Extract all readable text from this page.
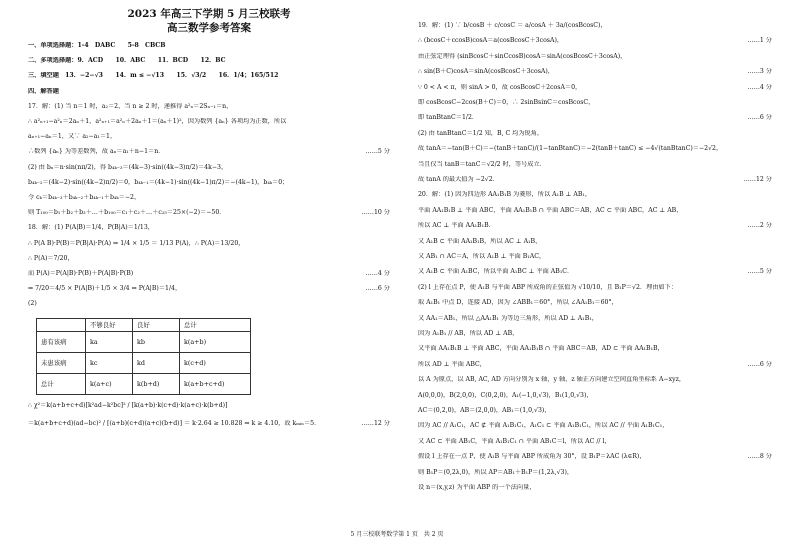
2023 年高三下学期 5 月三校联考
高三数学参考答案
一、单项选择题：1-4　DABC　　5-8　CBCB
二、多项选择题：9．ACD　　10．ABC　　11．BCD　　12．BC
三、填空题　13．−2−√3　　14．m ≤ −√13　　15．√3/2　　16．1/4；165/512
四、解答题
17．解：(1) 当 n＝1 时，a₂＝2，当 n ≥ 2 时，递推得 a²ₙ＝2Sₙ₋₁＝n，
∴ a²ₙ₊₁−a²ₙ＝2aₙ＋1，a²ₙ₊₁＝a²ₙ＋2aₙ＋1＝(aₙ＋1)²，因为数列 {aₙ} 各项均为正数，所以
aₙ₊₁−aₙ＝1，又∵ a₂−a₁＝1，
∴数列 {aₙ} 为等差数列，故 aₙ＝a₁＋n−1＝n．	……5 分
(2) 由 bₙ＝n·sin(nπ/2)，得 b₄ₖ₋₃＝(4k−3)·sin((4k−3)π/2)＝4k−3，
b₄ₖ₋₂＝(4k−2)·sin((4k−2)π/2)＝0，b₄ₖ₋₁＝(4k−1)·sin((4k−1)π/2)＝−(4k−1)，b₄ₖ＝0；
令 cₖ＝b₄ₖ₋₃＋b₄ₖ₋₂＋b₄ₖ₋₁＋b₄ₖ＝−2，
则 T₁₀₀＝b₁＋b₂＋b₃＋…＋b₁₀₀＝c₁＋c₂＋…＋c₂₅＝25×(−2)＝−50．	……10 分
18．解：(1) P(Ā|B̄)＝1/4，P(B̄|Ā)＝1/13，
∴ P(Ā B̄)·P(B̄)＝P(B̄|Ā)·P(Ā) ⇒ 1/4 × 1/5 ＝ 1/13 P(Ā)，∴ P(Ā)＝13/20，
∴ P(A)＝7/20，
而 P(A)＝P(A|B)·P(B)＋P(A|B̄)·P(B̄)	……4 分
⇒ 7/20＝4/5 × P(A|B)＋1/5 × 3/4 ⇒ P(A|B)＝1/4，	……6 分
(2)
	不够良好	良好	总计
患有该病	ka	kb	k(a+b)
未患该病	kc	kd	k(c+d)
总计	k(a+c)	k(b+d)	k(a+b+c+d)
∴ χ²＝k(a+b+c+d)[k²ad−k²bc]² / [k(a+b)·k(c+d)·k(a+c)·k(b+d)]
＝k(a+b+c+d)(ad−bc)² / [(a+b)(c+d)(a+c)(b+d)] ＝ k·2.64 ≥ 10.828 ⇒ k ≥ 4.10，故 kₘᵢₙ＝5．	……12 分
19．解：(1) ∵ b/cosB ＋ c/cosC ＝ a/cosA ＋ 3a/(cosBcosC)，
∴ (bcosC＋ccosB)cosA＝a(cosBcosC＋3cosA)，	……1 分
由正弦定理得 (sinBcosC＋sinCcosB)cosA＝sinA(cosBcosC＋3cosA)，
∴ sin(B＋C)cosA＝sinA(cosBcosC＋3cosA)，	……3 分
∵ 0 < A < π，则 sinA > 0，故 cosBcosC＋2cosA＝0，	……4 分
即 cosBcosC−2cos(B＋C)＝0，∴ 2sinBsinC＝cosBcosC，
即 tanBtanC＝1/2．	……6 分
(2) 由 tanBtanC＝1/2 知，B, C 均为锐角，
故 tanA＝−tan(B＋C)＝−(tanB＋tanC)/(1−tanBtanC)＝−2(tanB＋tanC) ≤ −4√(tanBtanC)＝−2√2，
当且仅当 tanB＝tanC＝√2/2 时，等号成立．
故 tanA 的最大值为 −2√2．	……12 分
20．解：(1) 因为四边形 AA₁B₁B 为菱形，所以 A₁B ⊥ AB₁，
平面 AA₁B₁B ⊥ 平面 ABC，平面 AA₁B₁B ∩ 平面 ABC＝AB，AC ⊂ 平面 ABC，AC ⊥ AB，
所以 AC ⊥ 平面 AA₁B₁B．	……2 分
又 A₁B ⊂ 平面 AA₁B₁B，所以 AC ⊥ A₁B，
又 AB₁ ∩ AC＝A，所以 A₁B ⊥ 平面 B₁AC，
又 A₁B ⊂ 平面 A₁BC，所以平面 A₁BC ⊥ 平面 AB₁C．	……5 分
(2) l 上存在点 P，使 A₁B 与平面 ABP 所成角的正弦值为 √10/10，且 B₁P＝√2．理由如下：
取 A₁B₁ 中点 D，连接 AD，因为 ∠ABB₁＝60°，所以 ∠AA₁B₁＝60°，
又 AA₁＝AB₁，所以 △AA₁B₁ 为等边三角形，所以 AD ⊥ A₁B₁，
因为 A₁B₁ // AB，所以 AD ⊥ AB，
又平面 AA₁B₁B ⊥ 平面 ABC，平面 AA₁B₁B ∩ 平面 ABC＝AB，AD ⊂ 平面 AA₁B₁B，
所以 AD ⊥ 平面 ABC，	……6 分
以 A 为原点，以 AB, AC, AD 方向分别为 x 轴，y 轴，z 轴正方向建立空间直角坐标系 A−xyz，
A(0,0,0)，B(2,0,0)，C(0,2,0)，A₁(−1,0,√3)，B₁(1,0,√3)，
AC＝(0,2,0)，AB＝(2,0,0)，AB₁＝(1,0,√3)，
因为 AC // A₁C₁，AC ⊄ 平面 A₁B₁C₁，A₁C₁ ⊂ 平面 A₁B₁C₁，所以 AC // 平面 A₁B₁C₁，
又 AC ⊂ 平面 AB₁C，平面 A₁B₁C₁ ∩ 平面 AB₁C＝l，所以 AC // l，
假设 l 上存在一点 P，使 A₁B 与平面 ABP 所成角为 30°，设 B₁P＝λAC (λ∈R)，	……8 分
则 B₁P＝(0,2λ,0)，所以 AP＝AB₁＋B₁P＝(1,2λ,√3)，
设 n＝(x,y,z) 为平面 ABP 的一个法向量，
5 月三校联考数学第 1 页　共 2 页
